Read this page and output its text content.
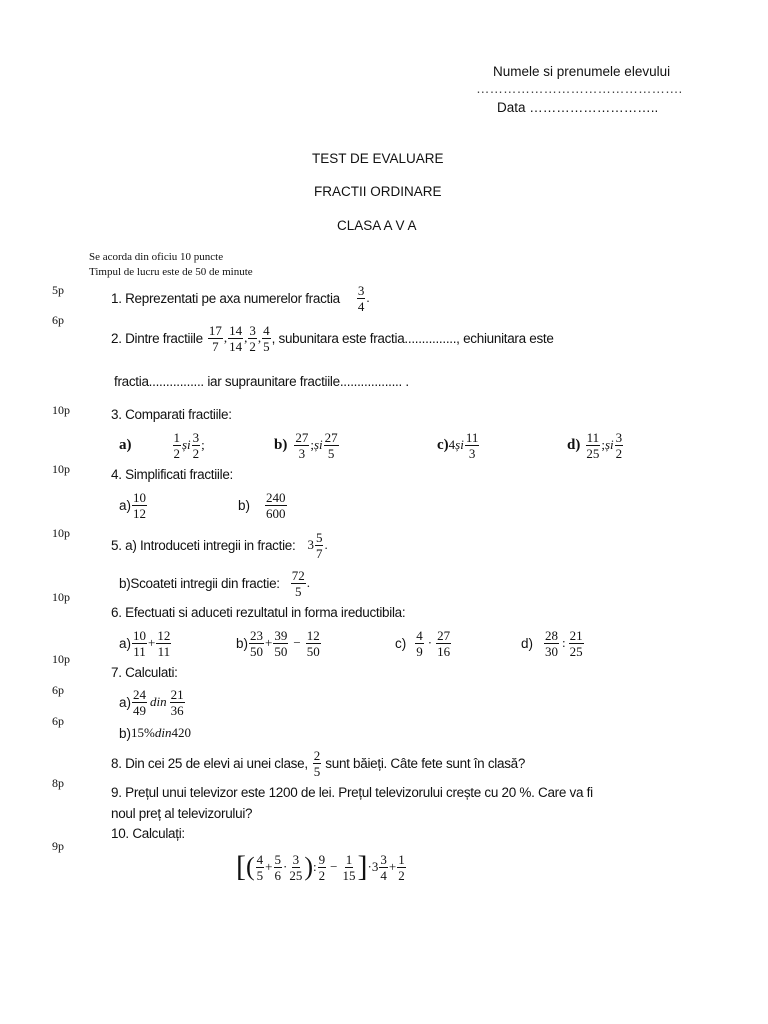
Numele si prenumele elevului
……………………………………….
Data ………………………..
TEST DE EVALUARE
FRACTII ORDINARE
CLASA A V A
Se acorda din oficiu 10 puncte
Timpul de lucru este de 50 de minute
5p
6p
10p
10p
10p
10p
10p
6p
6p
8p
9p
1. Reprezentati pe axa numerelor fractia $\frac{3}{4}$ .
2. Dintre fractiile $\frac{17}{7}$ , $\frac{14}{14}$ , $\frac{3}{2}$ , $\frac{4}{5}$ , subunitara este fractia..............., echiunitara este
fractia................ iar supraunitare fractiile.................. .
3. Comparati fractiile:
a)	$\frac{1}{2}$ și $\frac{3}{2}$ ;	$b) \frac{27}{3}$ ; și $\frac{27}{5}$	c) 4 și $\frac{11}{3}$	$d) \frac{11}{25}$ ; și $\frac{3}{2}$
4. Simplificati fractiile:
$a) \frac{10}{12}$	$b) \frac{240}{600}$
5. a) Introduceti intregii in fractie: $3 \frac{5}{7}$ .
b)Scoateti intregii din fractie: $\frac{72}{5}$ .
6. Efectuati si aduceti rezultatul in forma ireductibila:
$a) \frac{10}{11} + \frac{12}{11}$	$b) \frac{23}{50} + \frac{39}{50} - \frac{12}{50}$	$c) \frac{4}{9} \cdot \frac{27}{16}$	$d) \frac{28}{30}$ : $\frac{21}{25}$
7. Calculati:
$a) \frac{24}{49}$ din $\frac{21}{36}$
b) 15% din 420
8. Din cei 25 de elevi ai unei clase, $\frac{2}{5}$ sunt băieți. Câte fete sunt în clasă?
9. Prețul unui televizor este 1200 de lei. Prețul televizorului crește cu 20 %. Care va fi
noul preț al televizorului?
10. Calculați:
[ ( $\frac{4}{5} + \frac{5}{6} \cdot \frac{3}{25}$ ) : $\frac{9}{2} - \frac{1}{15}$ ] · $3 \frac{3}{4} + \frac{1}{2}$
